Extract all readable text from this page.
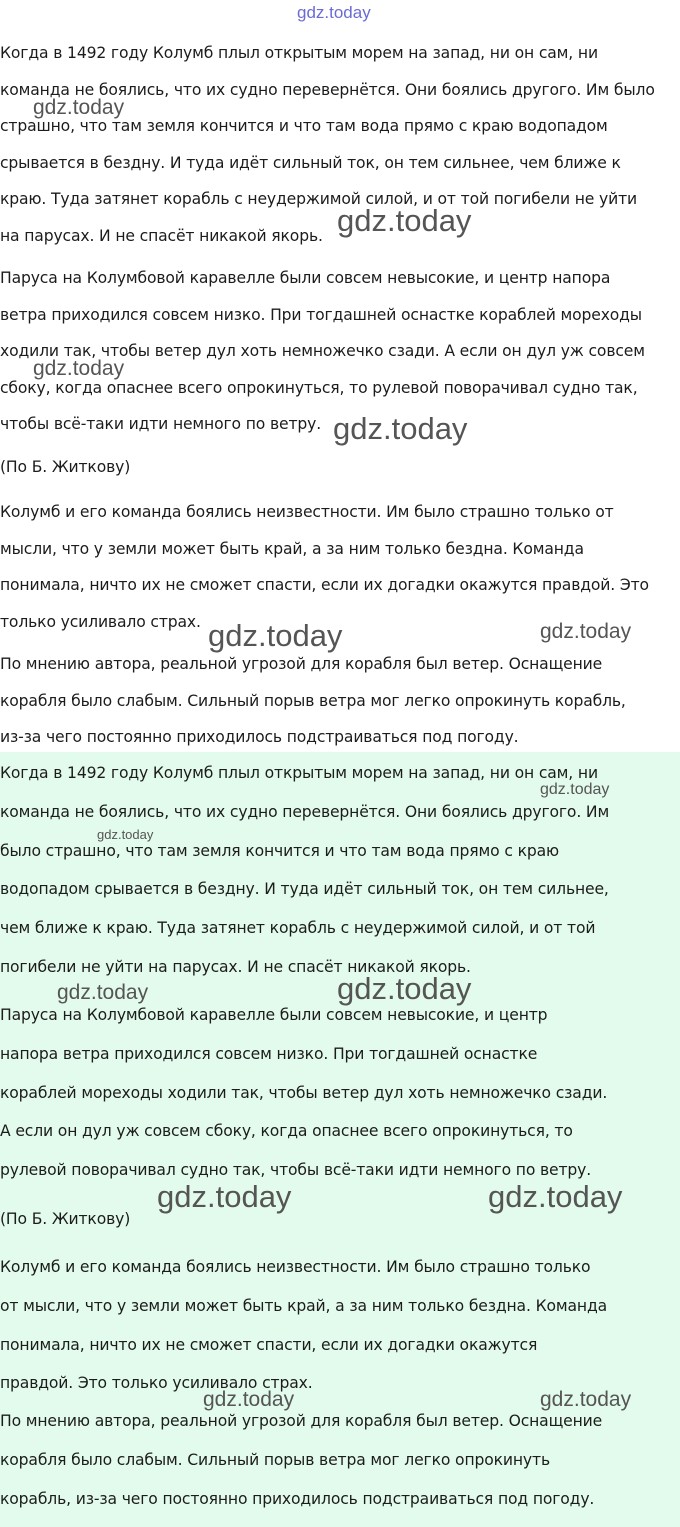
Когда в 1492 году Колумб плыл открытым морем на запад, ни он сам, ни
команда не боялись, что их судно перевернётся. Они боялись другого. Им было
страшно, что там земля кончится и что там вода прямо с краю водопадом
срывается в бездну. И туда идёт сильный ток, он тем сильнее, чем ближе к
краю. Туда затянет корабль с неудержимой силой, и от той погибели не уйти
на парусах. И не спасёт никакой якорь.

Паруса на Колумбовой каравелле были совсем невысокие, и центр напора
ветра приходился совсем низко. При тогдашней оснастке кораблей мореходы
ходили так, чтобы ветер дул хоть немножечко сзади. А если он дул уж совсем
сбоку, когда опаснее всего опрокинуться, то рулевой поворачивал судно так,
чтобы всё-таки идти немного по ветру.

(По Б. Житкову)

Колумб и его команда боялись неизвестности. Им было страшно только от
мысли, что у земли может быть край, а за ним только бездна. Команда
понимала, ничто их не сможет спасти, если их догадки окажутся правдой. Это
только усиливало страх.

По мнению автора, реальной угрозой для корабля был ветер. Оснащение
корабля было слабым. Сильный порыв ветра мог легко опрокинуть корабль,
из-за чего постоянно приходилось подстраиваться под погоду.

Когда в 1492 году Колумб плыл открытым морем на запад, ни он сам, ни
команда не боялись, что их судно перевернётся. Они боялись другого. Им
было страшно, что там земля кончится и что там вода прямо с краю
водопадом срывается в бездну. И туда идёт сильный ток, он тем сильнее,
чем ближе к краю. Туда затянет корабль с неудержимой силой, и от той
погибели не уйти на парусах. И не спасёт никакой якорь.

Паруса на Колумбовой каравелле были совсем невысокие, и центр
напора ветра приходился совсем низко. При тогдашней оснастке
кораблей мореходы ходили так, чтобы ветер дул хоть немножечко сзади.
А если он дул уж совсем сбоку, когда опаснее всего опрокинуться, то
рулевой поворачивал судно так, чтобы всё-таки идти немного по ветру.

(По Б. Житкову)

Колумб и его команда боялись неизвестности. Им было страшно только
от мысли, что у земли может быть край, а за ним только бездна. Команда
понимала, ничто их не сможет спасти, если их догадки окажутся
правдой. Это только усиливало страх.

По мнению автора, реальной угрозой для корабля был ветер. Оснащение
корабля было слабым. Сильный порыв ветра мог легко опрокинуть
корабль, из-за чего постоянно приходилось подстраиваться под погоду.

gdz.today
gdz.today
gdz.today
gdz.today
gdz.today
gdz.today	gdz.today
gdz.today
gdz.today
gdz.today	gdz.today
gdz.today	gdz.today
gdz.today	gdz.today
